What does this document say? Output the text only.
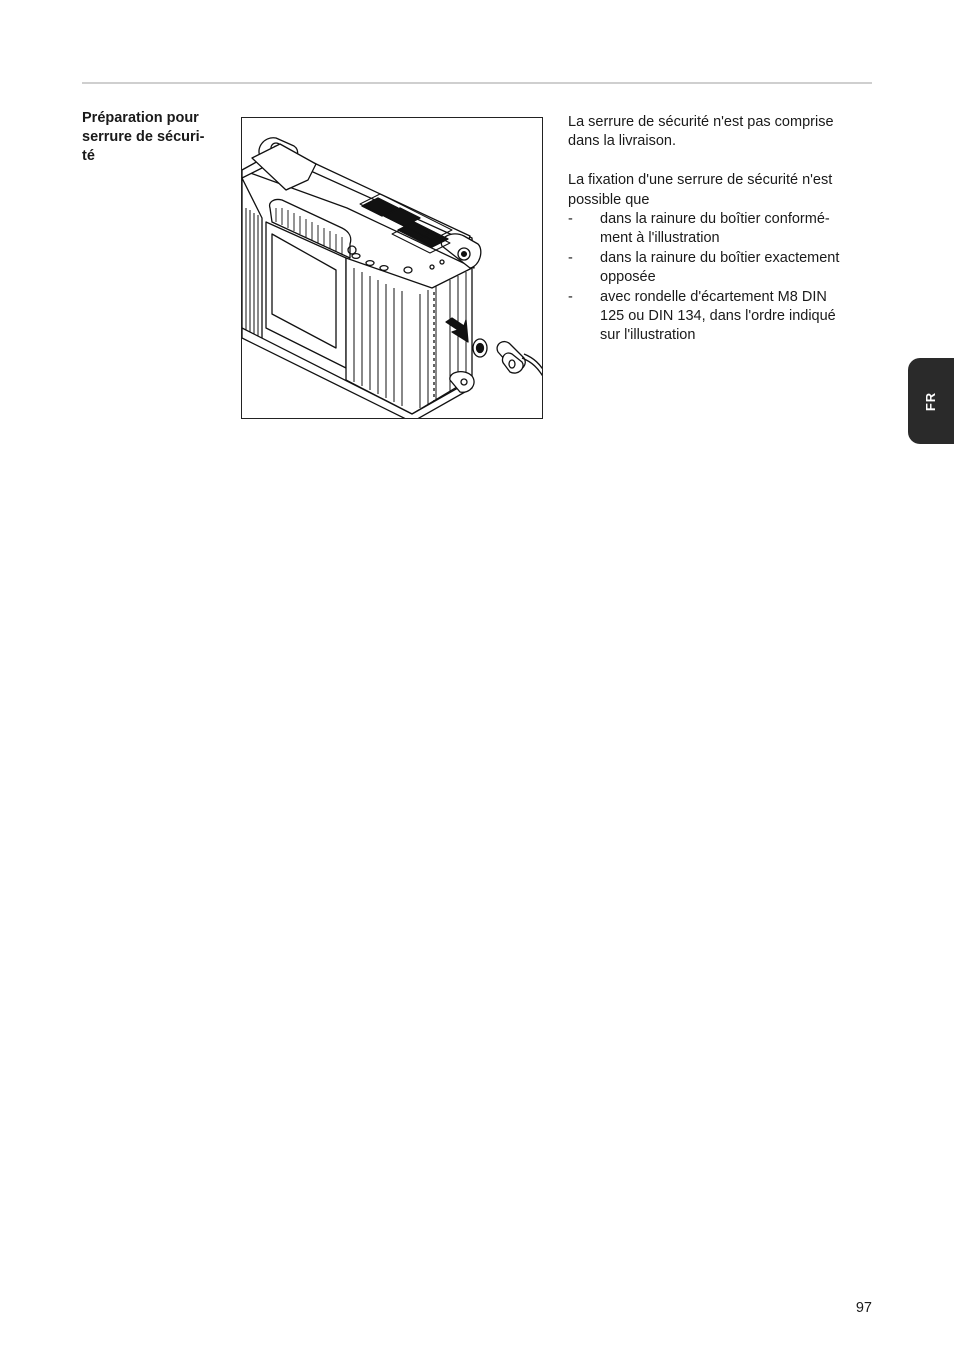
Préparation pour
serrure de sécuri-
té

La serrure de sécurité n'est pas comprise
dans la livraison.

La fixation d'une serrure de sécurité n'est
possible que

- dans la rainure du boîtier conformé-
ment à l'illustration
- dans la rainure du boîtier exactement
opposée
- avec rondelle d'écartement M8 DIN
125 ou DIN 134, dans l'ordre indiqué
sur l'illustration
FR
97
